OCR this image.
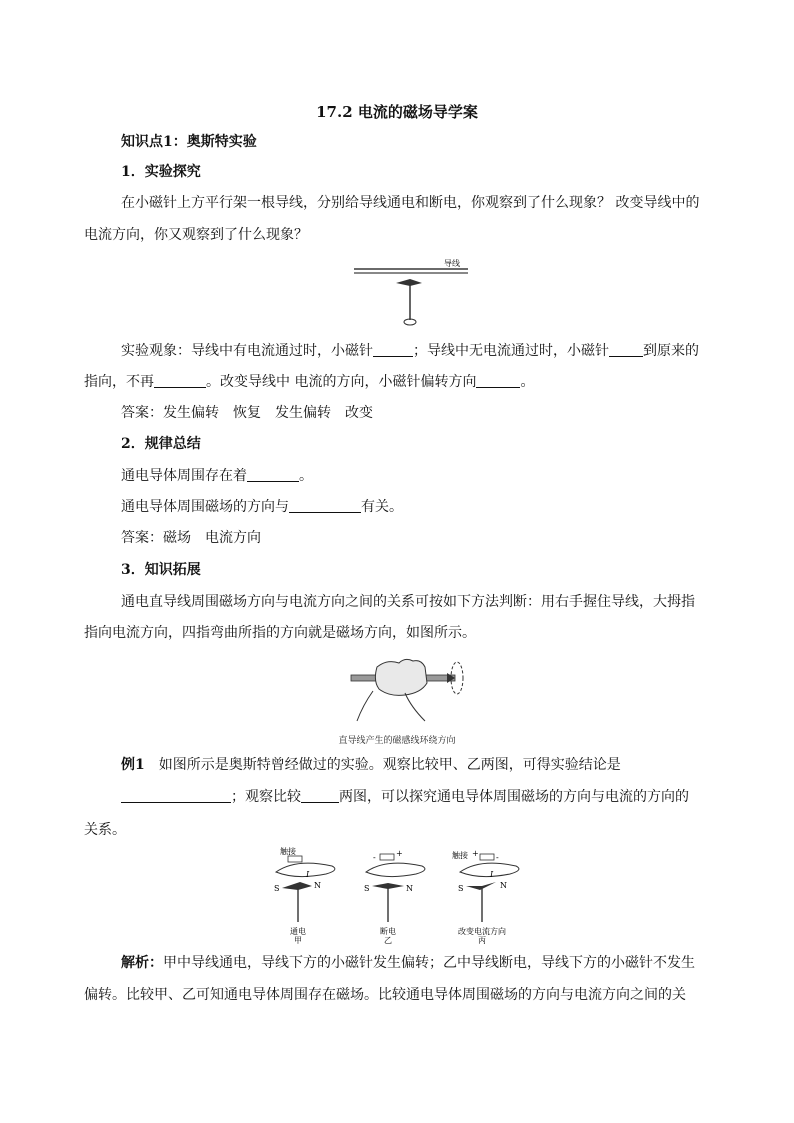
17.2 电流的磁场导学案
知识点1：奥斯特实验
1．实验探究
在小磁针上方平行架一根导线，分别给导线通电和断电，你观察到了什么现象？ 改变导线中的
电流方向，你又观察到了什么现象？
导线
实验观象：导线中有电流通过时，小磁针	；导线中无电流通过时，小磁针 到原来的
指向，不再	。改变导线中 电流的方向，小磁针偏转方向	。
答案：发生偏转　恢复　发生偏转　改变
2．规律总结
通电导体周围存在着	。
通电导体周围磁场的方向与	有关。
答案：磁场　电流方向
3．知识拓展
通电直导线周围磁场方向与电流方向之间的关系可按如下方法判断：用右手握住导线，大拇指
指向电流方向，四指弯曲所指的方向就是磁场方向，如图所示。
直导线产生的磁感线环绕方向
例1 如图所示是奥斯特曾经做过的实验。观察比较甲、乙两图，可得实验结论是
；观察比较	两图，可以探究通电导体周围磁场的方向与电流的方向的
关系。
触接
I
S	N
通电
甲
-	+
S	N
断电
乙
触接 + -
I
S	N
改变电流方向
丙
解析：甲中导线通电，导线下方的小磁针发生偏转；乙中导线断电，导线下方的小磁针不发生
偏转。比较甲、乙可知通电导体周围存在磁场。比较通电导体周围磁场的方向与电流方向之间的关
